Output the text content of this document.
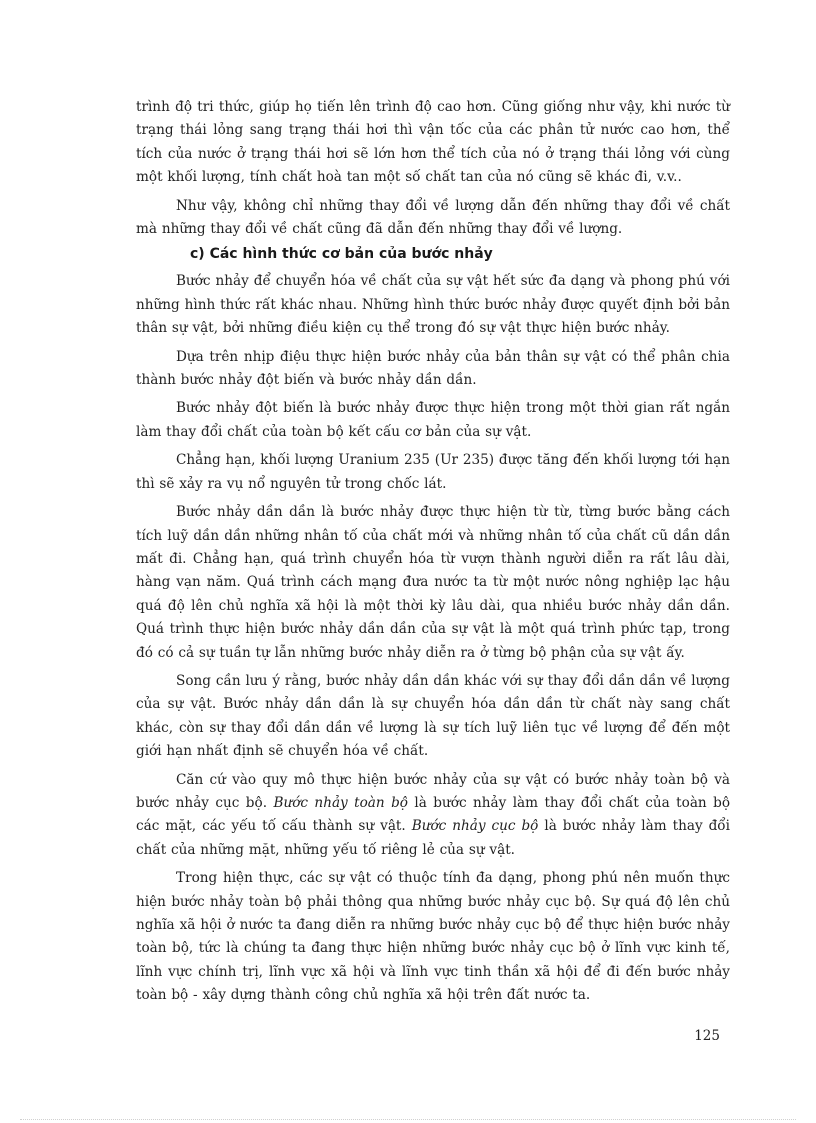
trình độ tri thức, giúp họ tiến lên trình độ cao hơn. Cũng giống như vậy, khi nước từ trạng thái lỏng sang trạng thái hơi thì vận tốc của các phân tử nước cao hơn, thể tích của nước ở trạng thái hơi sẽ lớn hơn thể tích của nó ở trạng thái lỏng với cùng một khối lượng, tính chất hoà tan một số chất tan của nó cũng sẽ khác đi, v.v..

Như vậy, không chỉ những thay đổi về lượng dẫn đến những thay đổi về chất mà những thay đổi về chất cũng đã dẫn đến những thay đổi về lượng.

c) Các hình thức cơ bản của bước nhảy

Bước nhảy để chuyển hóa về chất của sự vật hết sức đa dạng và phong phú với những hình thức rất khác nhau. Những hình thức bước nhảy được quyết định bởi bản thân sự vật, bởi những điều kiện cụ thể trong đó sự vật thực hiện bước nhảy.

Dựa trên nhịp điệu thực hiện bước nhảy của bản thân sự vật có thể phân chia thành bước nhảy đột biến và bước nhảy dần dần.

Bước nhảy đột biến là bước nhảy được thực hiện trong một thời gian rất ngắn làm thay đổi chất của toàn bộ kết cấu cơ bản của sự vật.

Chẳng hạn, khối lượng Uranium 235 (Ur 235) được tăng đến khối lượng tới hạn thì sẽ xảy ra vụ nổ nguyên tử trong chốc lát.

Bước nhảy dần dần là bước nhảy được thực hiện từ từ, từng bước bằng cách tích luỹ dần dần những nhân tố của chất mới và những nhân tố của chất cũ dần dần mất đi. Chẳng hạn, quá trình chuyển hóa từ vượn thành người diễn ra rất lâu dài, hàng vạn năm. Quá trình cách mạng đưa nước ta từ một nước nông nghiệp lạc hậu quá độ lên chủ nghĩa xã hội là một thời kỳ lâu dài, qua nhiều bước nhảy dần dần. Quá trình thực hiện bước nhảy dần dần của sự vật là một quá trình phức tạp, trong đó có cả sự tuần tự lẫn những bước nhảy diễn ra ở từng bộ phận của sự vật ấy.

Song cần lưu ý rằng, bước nhảy dần dần khác với sự thay đổi dần dần về lượng của sự vật. Bước nhảy dần dần là sự chuyển hóa dần dần từ chất này sang chất khác, còn sự thay đổi dần dần về lượng là sự tích luỹ liên tục về lượng để đến một giới hạn nhất định sẽ chuyển hóa về chất.

Căn cứ vào quy mô thực hiện bước nhảy của sự vật có bước nhảy toàn bộ và bước nhảy cục bộ. Bước nhảy toàn bộ là bước nhảy làm thay đổi chất của toàn bộ các mặt, các yếu tố cấu thành sự vật. Bước nhảy cục bộ là bước nhảy làm thay đổi chất của những mặt, những yếu tố riêng lẻ của sự vật.

Trong hiện thực, các sự vật có thuộc tính đa dạng, phong phú nên muốn thực hiện bước nhảy toàn bộ phải thông qua những bước nhảy cục bộ. Sự quá độ lên chủ nghĩa xã hội ở nước ta đang diễn ra những bước nhảy cục bộ để thực hiện bước nhảy toàn bộ, tức là chúng ta đang thực hiện những bước nhảy cục bộ ở lĩnh vực kinh tế, lĩnh vực chính trị, lĩnh vực xã hội và lĩnh vực tinh thần xã hội để đi đến bước nhảy toàn bộ - xây dựng thành công chủ nghĩa xã hội trên đất nước ta.

125
